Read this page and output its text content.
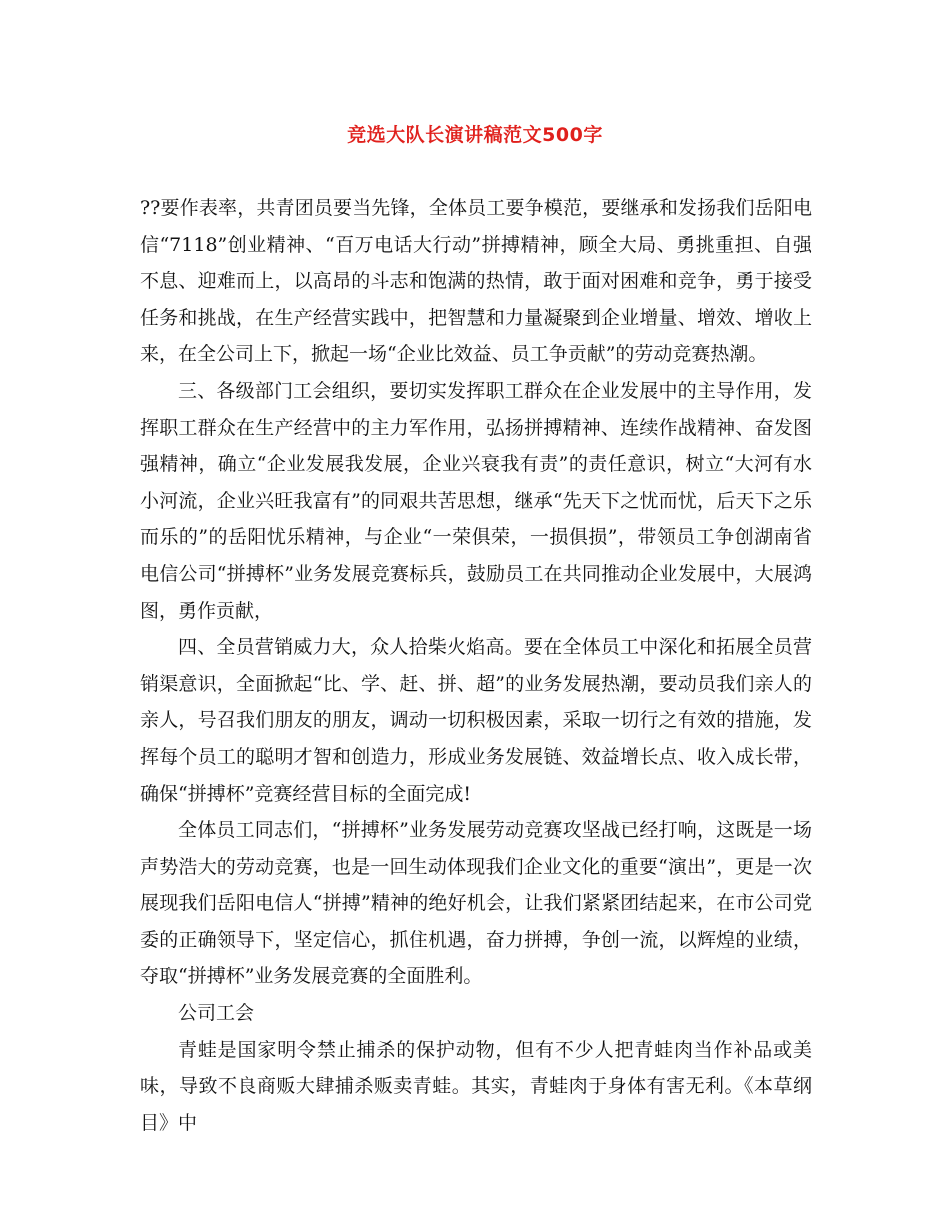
竞选大队长演讲稿范文500字

??要作表率，共青团员要当先锋，全体员工要争模范，要继承和发扬我们岳阳电信“7118”创业精神、“百万电话大行动”拼搏精神，顾全大局、勇挑重担、自强不息、迎难而上，以高昂的斗志和饱满的热情，敢于面对困难和竞争，勇于接受任务和挑战，在生产经营实践中，把智慧和力量凝聚到企业增量、增效、增收上来，在全公司上下，掀起一场“企业比效益、员工争贡献”的劳动竞赛热潮。

三、各级部门工会组织，要切实发挥职工群众在企业发展中的主导作用，发挥职工群众在生产经营中的主力军作用，弘扬拼搏精神、连续作战精神、奋发图强精神，确立“企业发展我发展，企业兴衰我有责”的责任意识，树立“大河有水小河流，企业兴旺我富有”的同艰共苦思想，继承“先天下之忧而忧，后天下之乐而乐的”的岳阳忧乐精神，与企业“一荣俱荣，一损俱损”，带领员工争创湖南省电信公司“拼搏杯”业务发展竞赛标兵，鼓励员工在共同推动企业发展中，大展鸿图，勇作贡献，

四、全员营销威力大，众人拾柴火焰高。要在全体员工中深化和拓展全员营销渠意识，全面掀起“比、学、赶、拼、超”的业务发展热潮，要动员我们亲人的亲人，号召我们朋友的朋友，调动一切积极因素，采取一切行之有效的措施，发挥每个员工的聪明才智和创造力，形成业务发展链、效益增长点、收入成长带，确保“拼搏杯”竞赛经营目标的全面完成!

全体员工同志们，“拼搏杯”业务发展劳动竞赛攻坚战已经打响，这既是一场声势浩大的劳动竞赛，也是一回生动体现我们企业文化的重要“演出”，更是一次展现我们岳阳电信人“拼搏”精神的绝好机会，让我们紧紧团结起来，在市公司党委的正确领导下，坚定信心，抓住机遇，奋力拼搏，争创一流，以辉煌的业绩，夺取“拼搏杯”业务发展竞赛的全面胜利。

公司工会

青蛙是国家明令禁止捕杀的保护动物，但有不少人把青蛙肉当作补品或美味，导致不良商贩大肆捕杀贩卖青蛙。其实，青蛙肉于身体有害无利。《本草纲目》中
